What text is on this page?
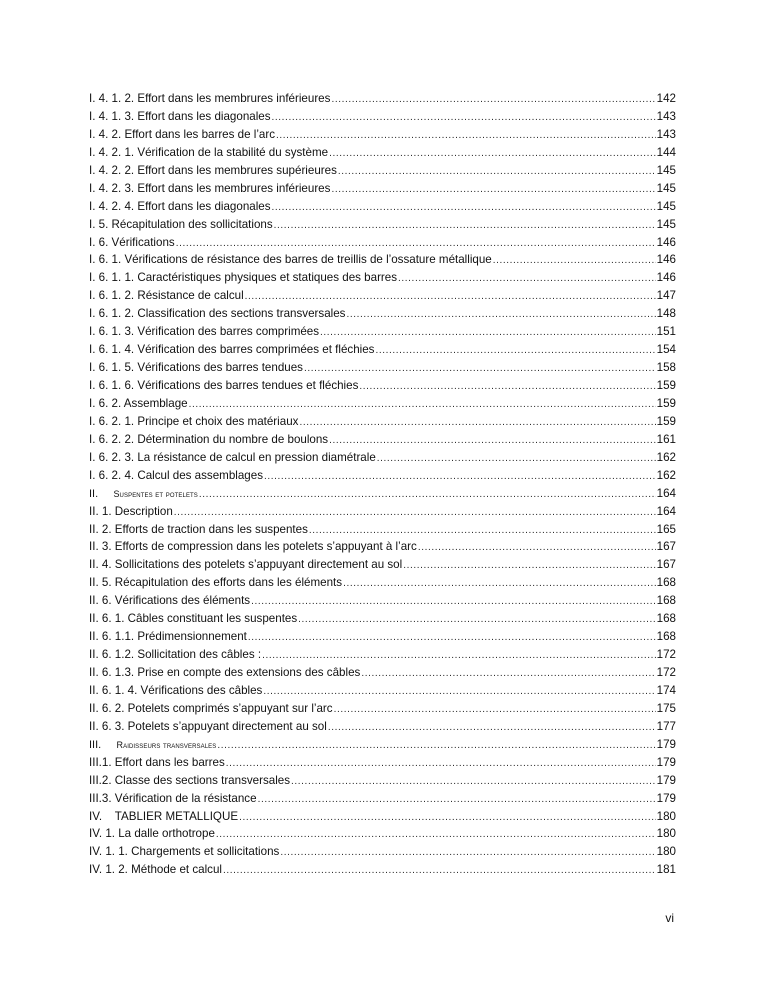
I. 4. 1. 2. Effort dans les membrures inférieures .....	142
I. 4. 1. 3. Effort dans les diagonales .....	143
I. 4. 2. Effort dans les barres de l’arc .....	143
I. 4. 2. 1. Vérification de la stabilité du système .....	144
I. 4. 2. 2. Effort dans les membrures supérieures .....	145
I. 4. 2. 3. Effort dans les membrures inférieures .....	145
I. 4. 2. 4. Effort dans les diagonales .....	145
I. 5. Récapitulation des sollicitations .....	145
I. 6. Vérifications .....	146
I. 6. 1. Vérifications de résistance des barres de treillis de l’ossature métallique .....	146
I. 6. 1. 1. Caractéristiques physiques et statiques des barres .....	146
I. 6. 1. 2. Résistance de calcul .....	147
I. 6. 1. 2. Classification des sections transversales .....	148
I. 6. 1. 3. Vérification des barres comprimées .....	151
I. 6. 1. 4. Vérification des barres comprimées et fléchies .....	154
I. 6. 1. 5. Vérifications des barres tendues .....	158
I. 6. 1. 6. Vérifications des barres tendues et fléchies .....	159
I. 6. 2. Assemblage .....	159
I. 6. 2. 1. Principe et choix des matériaux .....	159
I. 6. 2. 2. Détermination du nombre de boulons .....	161
I. 6. 2. 3. La résistance de calcul en pression diamétrale .....	162
I. 6. 2. 4. Calcul des assemblages .....	162
II. Suspentes et potelets .....	164
II. 1. Description .....	164
II. 2. Efforts de traction dans les suspentes .....	165
II. 3. Efforts de compression dans les potelets s’appuyant à l’arc .....	167
II. 4. Sollicitations des potelets s’appuyant directement au sol .....	167
II. 5. Récapitulation des efforts dans les éléments .....	168
II. 6. Vérifications des éléments .....	168
II. 6. 1. Câbles constituant les suspentes .....	168
II. 6. 1.1. Prédimensionnement .....	168
II. 6. 1.2. Sollicitation des câbles : .....	172
II. 6. 1.3. Prise en compte des extensions des câbles .....	172
II. 6. 1. 4. Vérifications des câbles .....	174
II. 6. 2. Potelets comprimés s’appuyant sur l’arc .....	175
II. 6. 3. Potelets s’appuyant directement au sol .....	177
III. Raidisseurs transversales .....	179
III.1. Effort dans les barres .....	179
III.2. Classe des sections transversales .....	179
III.3. Vérification de la résistance .....	179
IV.    TABLIER METALLIQUE .....	180
IV. 1. La dalle orthotrope .....	180
IV. 1. 1. Chargements et sollicitations .....	180
IV. 1. 2. Méthode et calcul .....	181
vi
